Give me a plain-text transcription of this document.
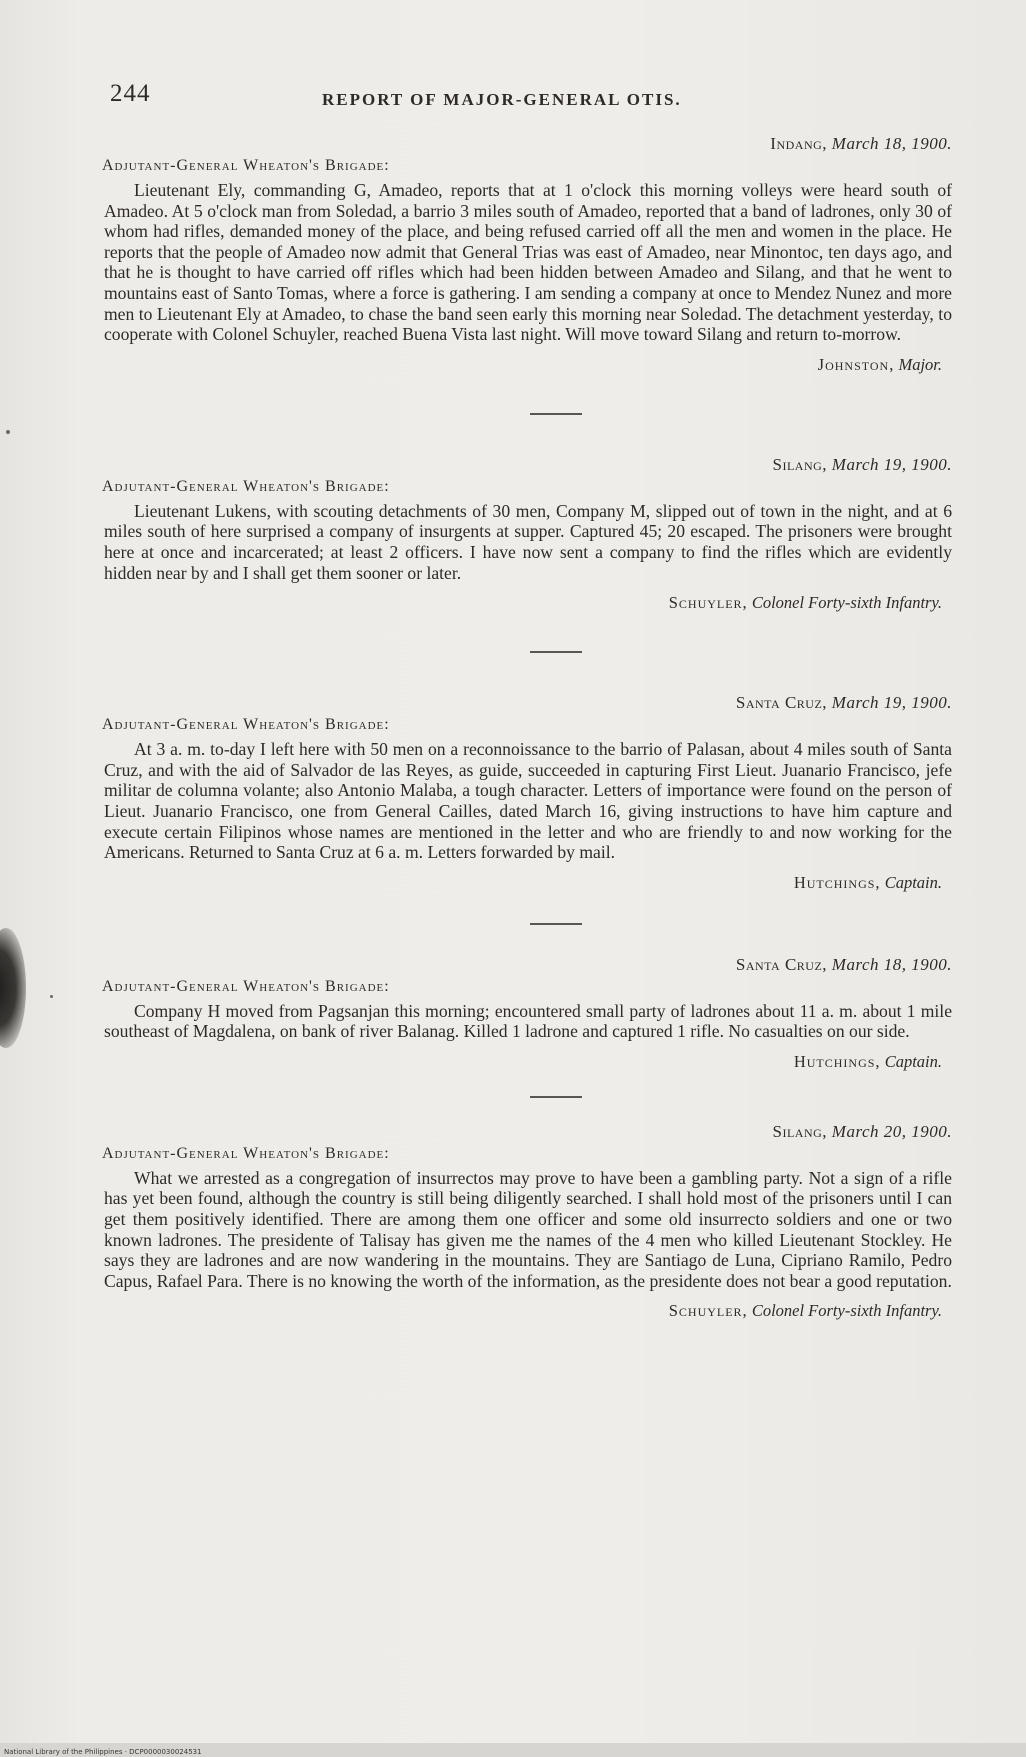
244	REPORT OF MAJOR-GENERAL OTIS.
Indang, March 18, 1900.
Adjutant-General Wheaton's Brigade:

Lieutenant Ely, commanding G, Amadeo, reports that at 1 o'clock this morning volleys were heard south of Amadeo. At 5 o'clock man from Soledad, a barrio 3 miles south of Amadeo, reported that a band of ladrones, only 30 of whom had rifles, demanded money of the place, and being refused carried off all the men and women in the place. He reports that the people of Amadeo now admit that General Trias was east of Amadeo, near Minontoc, ten days ago, and that he is thought to have carried off rifles which had been hidden between Amadeo and Silang, and that he went to mountains east of Santo Tomas, where a force is gathering. I am sending a company at once to Mendez Nunez and more men to Lieutenant Ely at Amadeo, to chase the band seen early this morning near Soledad. The detachment yesterday, to cooperate with Colonel Schuyler, reached Buena Vista last night. Will move toward Silang and return to-morrow.

Johnston, Major.
Silang, March 19, 1900.
Adjutant-General Wheaton's Brigade:

Lieutenant Lukens, with scouting detachments of 30 men, Company M, slipped out of town in the night, and at 6 miles south of here surprised a company of insurgents at supper. Captured 45; 20 escaped. The prisoners were brought here at once and incarcerated; at least 2 officers. I have now sent a company to find the rifles which are evidently hidden near by and I shall get them sooner or later.

Schuyler, Colonel Forty-sixth Infantry.
Santa Cruz, March 19, 1900.
Adjutant-General Wheaton's Brigade:

At 3 a. m. to-day I left here with 50 men on a reconnoissance to the barrio of Palasan, about 4 miles south of Santa Cruz, and with the aid of Salvador de las Reyes, as guide, succeeded in capturing First Lieut. Juanario Francisco, jefe militar de columna volante; also Antonio Malaba, a tough character. Letters of importance were found on the person of Lieut. Juanario Francisco, one from General Cailles, dated March 16, giving instructions to have him capture and execute certain Filipinos whose names are mentioned in the letter and who are friendly to and now working for the Americans. Returned to Santa Cruz at 6 a. m. Letters forwarded by mail.

Hutchings, Captain.
Santa Cruz, March 18, 1900.
Adjutant-General Wheaton's Brigade:

Company H moved from Pagsanjan this morning; encountered small party of ladrones about 11 a. m. about 1 mile southeast of Magdalena, on bank of river Balanag. Killed 1 ladrone and captured 1 rifle. No casualties on our side.

Hutchings, Captain.
Silang, March 20, 1900.
Adjutant-General Wheaton's Brigade:

What we arrested as a congregation of insurrectos may prove to have been a gambling party. Not a sign of a rifle has yet been found, although the country is still being diligently searched. I shall hold most of the prisoners until I can get them positively identified. There are among them one officer and some old insurrecto soldiers and one or two known ladrones. The presidente of Talisay has given me the names of the 4 men who killed Lieutenant Stockley. He says they are ladrones and are now wandering in the mountains. They are Santiago de Luna, Cipriano Ramilo, Pedro Capus, Rafael Para. There is no knowing the worth of the information, as the presidente does not bear a good reputation.

Schuyler, Colonel Forty-sixth Infantry.
National Library of the Philippines · DCP0000030024531
